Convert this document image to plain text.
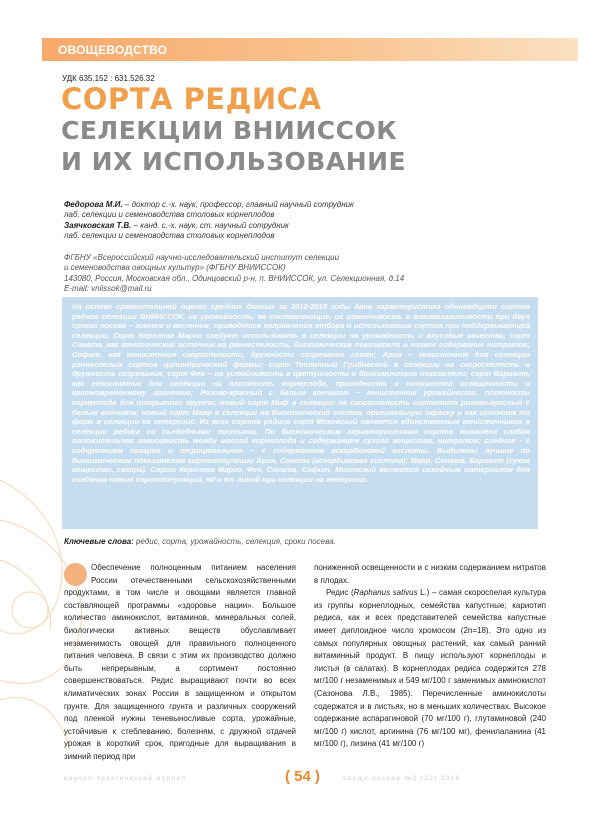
ОВОЩЕВОДСТВО
УДК 635.152 : 631.526.32
СОРТА РЕДИСА
СЕЛЕКЦИИ ВНИИССОК
И ИХ ИСПОЛЬЗОВАНИЕ
Федорова М.И. – доктор с.-х. наук, профессор, главный научный сотрудник
лаб. селекции и семеноводства столовых корнеплодов
Заячковская Т.В. – канд. с.-х. наук, ст. научный сотрудник
лаб. селекции и семеноводства столовых корнеплодов
ФГБНУ «Всероссийский научно-исследовательский институт селекции
и семеноводства овощных культур» (ФГБНУ ВНИИССОК)
143080, Россия, Московская обл., Одинцовский р-н, п. ВНИИССОК, ул. Селекционная, д.14
E-mail: vniissok@mail.ru
На основе сравнительной оценки средних данных за 2010-2015 годы дана характеристика одиннадцати сортов редиса селекции ВНИИССОК, их урожайность, ее составляющие, их изменчивость и взаимозависимости при двух сроках посева – зимнем и весеннем; приводятся направления отбора и использования сортов при поддерживающей селекции. Сорт Королева Марго следует использовать в селекции на урожайность и вкусовые качества; сорт Соната, как генетический источник на раннеспелость, биохимические показатели и низкое содержание нитратов; Софит, как генисточник скороспелости, дружности созревания семян; Ария – генисточник для селекции раннеспелых сортов цилиндрической формы; сорт Тепличный Грибовский в селекции на скороспелость и дружность созревания; сорт Фея – на устойчивость к цветушности и биохимические показатели; сорт Вариант, как генисточник для селекции на плотность корнеплода, пригодность к пониженной освещенности и кратковременному хранению; Розово-красный с белым кончиком – генисточник урожайности, плотности корнеплода для открытого грунта; новый сорт Миф в селекции на скороспелость сортотипа розово-красный с белым кончиком; новый сорт Мавр в селекции на биохимический состав, оригинальную окраску и как источник тг форм в селекции на гетерозис. Из всех сортов редиса сорт Моховский является единственным генисточником в селекции редиса со съедобными листьями. По биохимическим характеристикам сортов выявлена слабая положительная зависимость между массой корнеплода и содержанием сухого вещества, нитратов; средняя - с содержанием сахаров и отрицательная – с содержанием аскорбиновой кислоты. Выделены лучшие по биохимическим показателям сортопопуляции Ария, Соната (аскорбиновая кислота); Мавр, Соната, Вариант (сухое вещество, сахара). Сорта Королева Марго, Фея, Соната, Софит, Моховский являются исходным материалом для создания новых сортопопуляций, тf и ms линий при селекции на гетерозис.
Ключевые слова: редис, сорта, урожайность, селекция, сроки посева.

Обеспечение полноценным питанием населения России отечественными сельскохозяйственными продуктами, в том числе и овощами является главной составляющей программы «здоровье нации». Большое количество аминокислот, витаминов, минеральных солей, биологически активных веществ обуславливает незаменимость овощей для правильного полноценного питания человека. В связи с этим их производство должно быть непрерывным, а сортимент постоянно совершенствоваться. Редис выращивают почти во всех климатических зонах России в защищенном и открытом грунте. Для защищенного грунта и различных сооружений под пленкой нужны теневыносливые сорта, урожайные, устойчивые к стеблеванию, болезням, с дружной отдачей урожая в короткий срок, пригодные для выращивания в зимний период при

пониженной освещенности и с низким содержанием нитратов в плодах.

Редис (Raphanus sativus L.) – самая скороспелая культура из группы корнеплодных, семейства капустные; кариотип редиса, как и всех представителей семейства капустные имеет диплоидное число хромосом (2n=18). Это одно из самых популярных овощных растений, как самый ранний витаминный продукт. В пищу используют корнеплоды и листья (в салатах). В корнеплодах редиса содержится 278 мг/100 г незаменимых и 549 мг/100 г заменимых аминокислот (Сазонова Л.В., 1985). Перечисленные аминокислоты содержатся и в листьях, но в меньших количествах. Высокое содержание аспарагиновой (70 мг/100 г), глутаминовой (240 мг/100 г) кислот, аргинина (76 мг/100 мг), фенилаланина (41 мг/100 г), лизина (41 мг/100 г)

научно-практический журнал	( 54 )	овощи россии №3 (32) 2016
